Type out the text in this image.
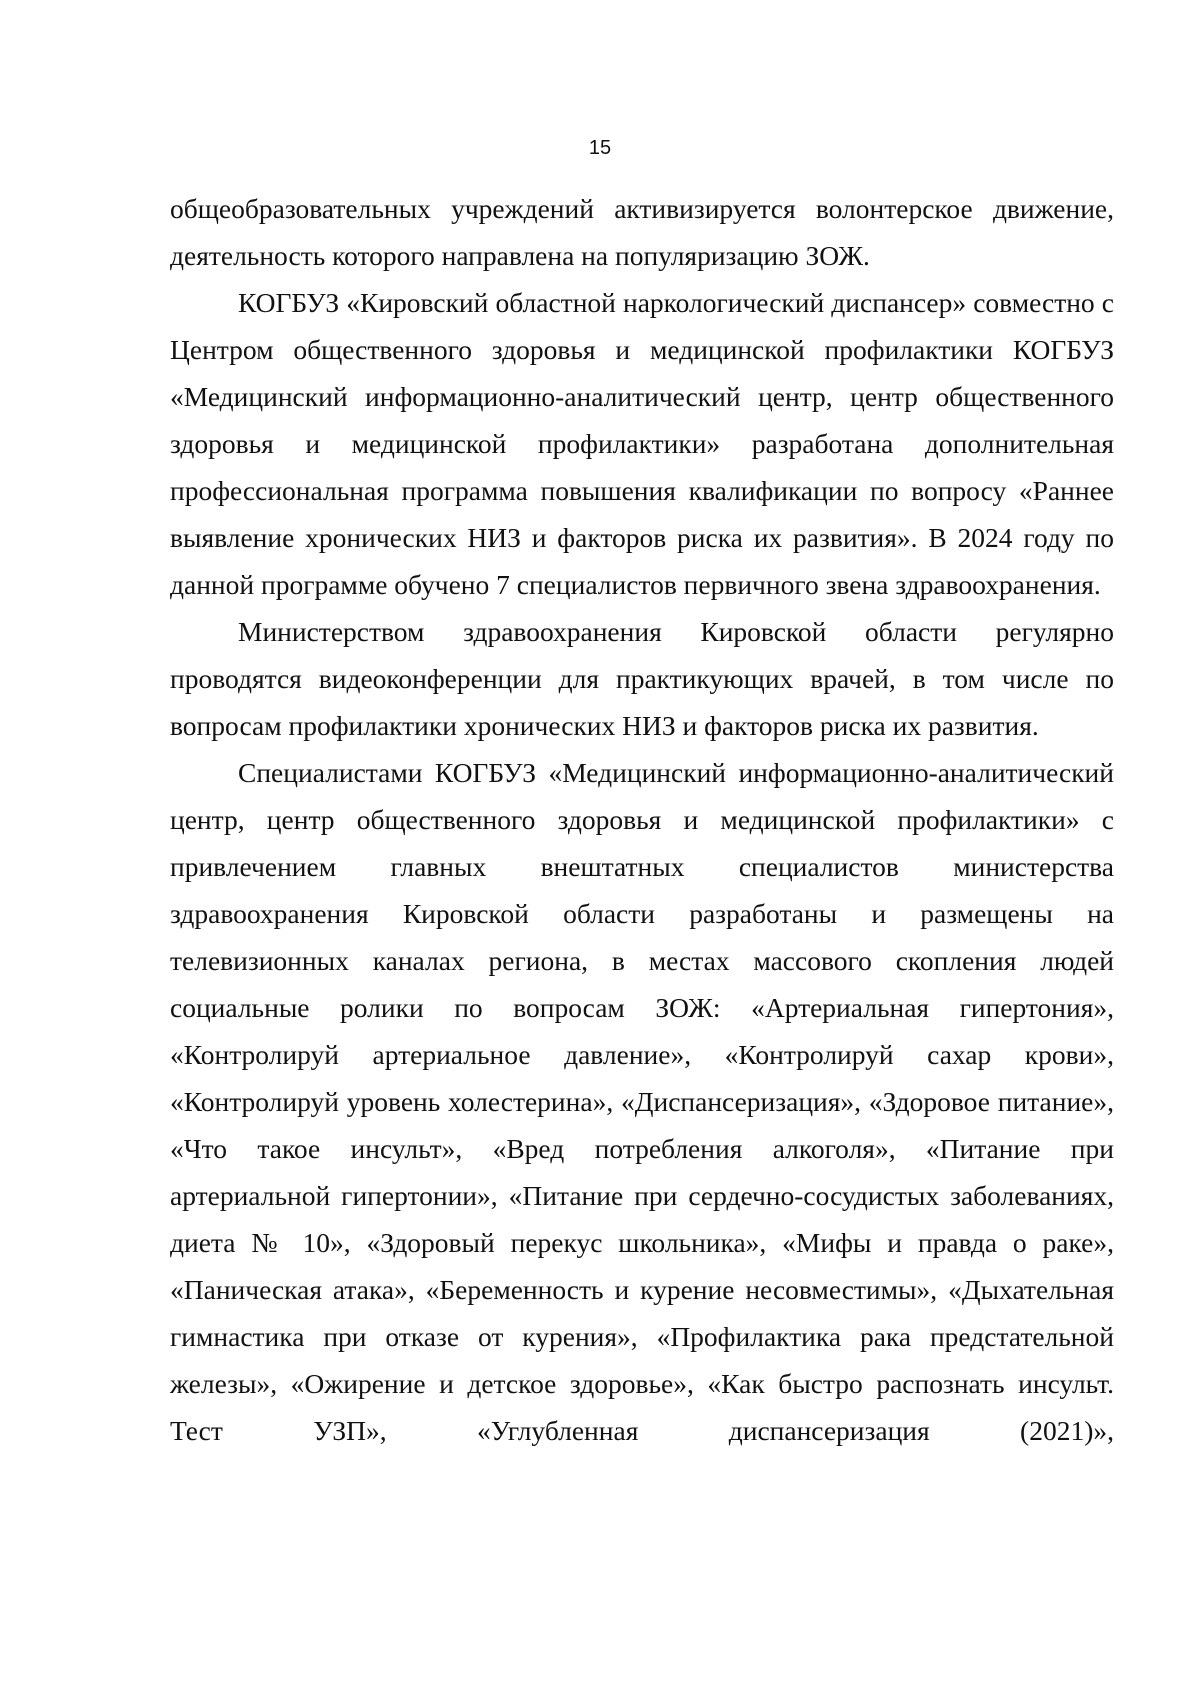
15

общеобразовательных учреждений активизируется волонтерское движение, деятельность которого направлена на популяризацию ЗОЖ.

КОГБУЗ «Кировский областной наркологический диспансер» совместно с Центром общественного здоровья и медицинской профилактики КОГБУЗ «Медицинский информационно-аналитический центр, центр общественного здоровья и медицинской профилактики» разработана дополнительная профессиональная программа повышения квалификации по вопросу «Раннее выявление хронических НИЗ и факторов риска их развития». В 2024 году по данной программе обучено 7 специалистов первичного звена здравоохранения.

Министерством здравоохранения Кировской области регулярно проводятся видеоконференции для практикующих врачей, в том числе по вопросам профилактики хронических НИЗ и факторов риска их развития.

Специалистами КОГБУЗ «Медицинский информационно-аналитический центр, центр общественного здоровья и медицинской профилактики» с привлечением главных внештатных специалистов министерства здравоохранения Кировской области разработаны и размещены на телевизионных каналах региона, в местах массового скопления людей социальные ролики по вопросам ЗОЖ: «Артериальная гипертония», «Контролируй артериальное давление», «Контролируй сахар крови», «Контролируй уровень холестерина», «Диспансеризация», «Здоровое питание», «Что такое инсульт», «Вред потребления алкоголя», «Питание при артериальной гипертонии», «Питание при сердечно-сосудистых заболеваниях, диета № 10», «Здоровый перекус школьника», «Мифы и правда о раке», «Паническая атака», «Беременность и курение несовместимы», «Дыхательная гимнастика при отказе от курения», «Профилактика рака предстательной железы», «Ожирение и детское здоровье», «Как быстро распознать инсульт. Тест УЗП», «Углубленная диспансеризация (2021)»,
